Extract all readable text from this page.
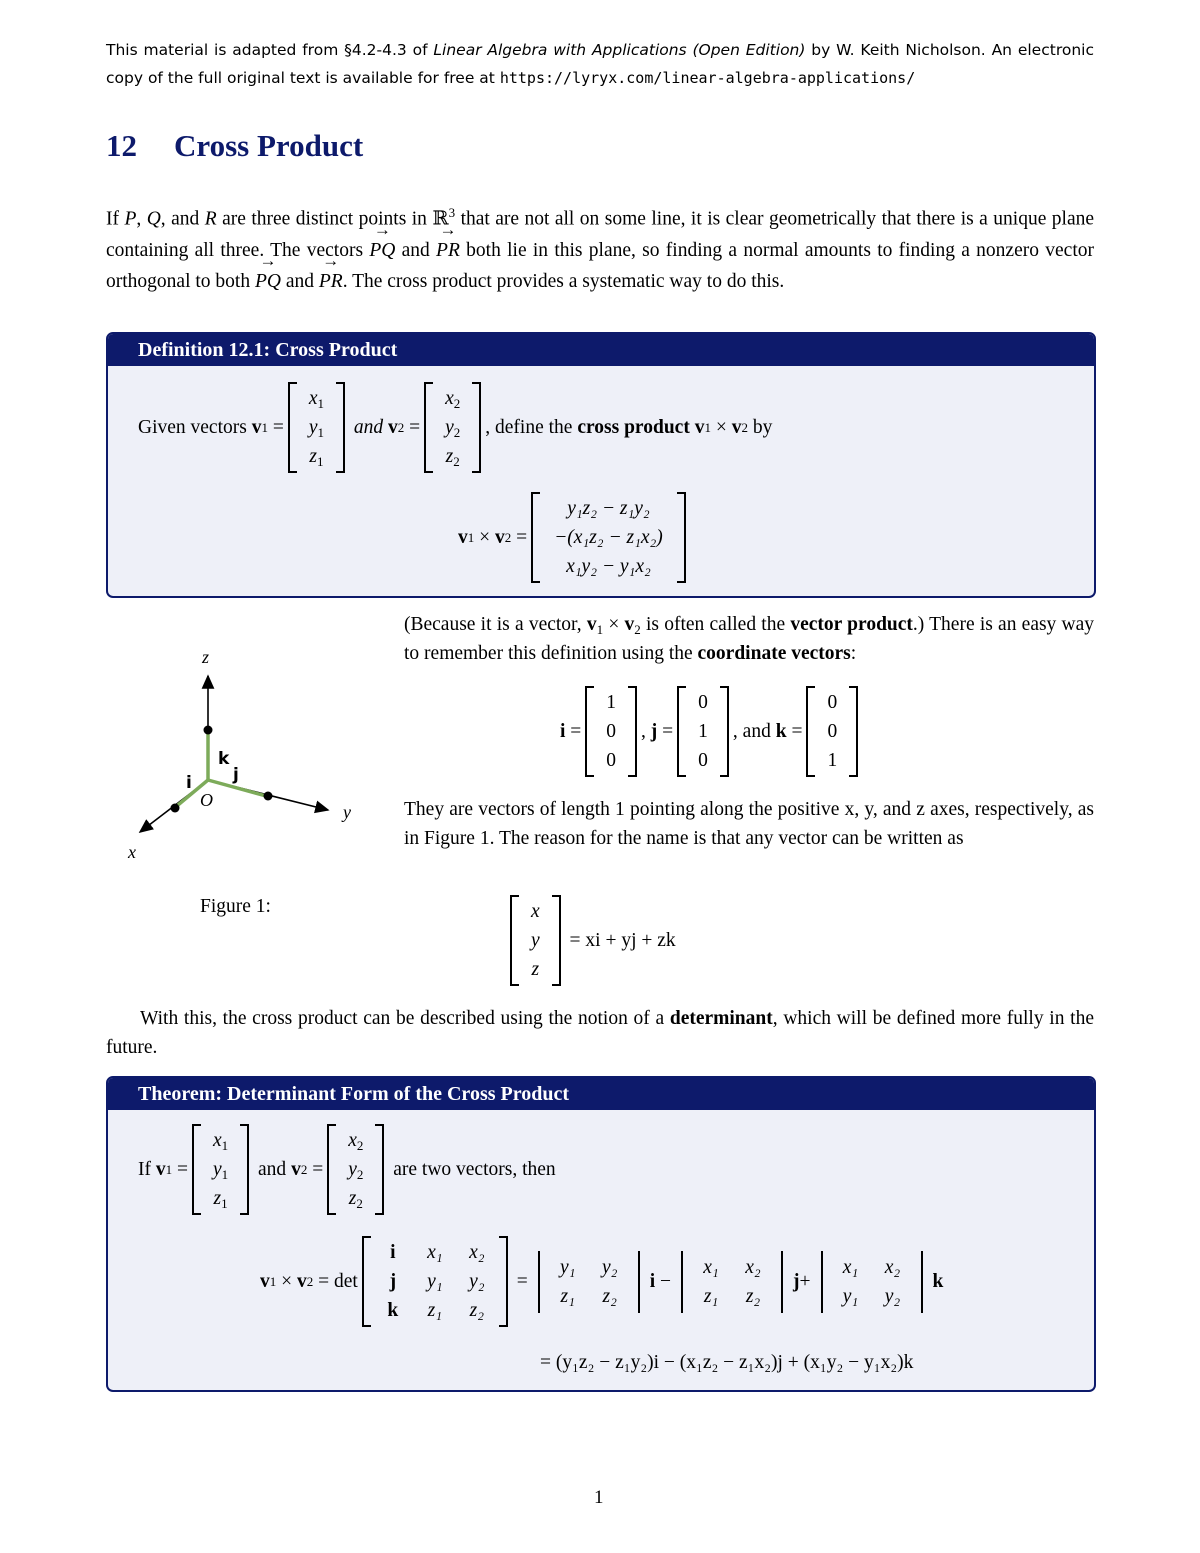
This material is adapted from §4.2-4.3 of Linear Algebra with Applications (Open Edition) by W. Keith Nicholson. An electronic copy of the full original text is available for free at https://lyryx.com/linear-algebra-applications/
12 Cross Product
If P, Q, and R are three distinct points in ℝ$^3$ that are not all on some line, it is clear geometrically that there is a unique plane containing all three. The vectors → PQ and → PR both lie in this plane, so finding a normal amounts to finding a nonzero vector orthogonal to both → PQ and → PR. The cross product provides a systematic way to do this.
Definition 12.1: Cross Product
Given vectors
v 1 =
$x_1$
$y_1$
$z_1$

and
v 2 =
$x_2$
$y_2$
$z_2$
, define the
cross product
v 1 × v 2
by
v 1 × v 2 =
y₁z₂ − z₁y₂
−(x₁z₂ − z₁x₂)
x₁y₂ − y₁x₂
z
y
x
O
k
j
i
Figure 1:
(Because it is a vector, $v_1 \times v_2$ is often called the vector product.) There is an easy way to remember this definition using the coordinate vectors:
i =
1
0
0
, j =
0
1
0
, and
k =
0
0
1
They are vectors of length 1 pointing along the positive x, y, and z axes, respectively, as in Figure 1. The reason for the name is that any vector can be written as
x
y
z

= xi + yj + zk
With this, the cross product can be described using the notion of a determinant, which will be defined more fully in the future.
Theorem: Determinant Form of the Cross Product
If
v 1 =
$x_1$
$y_1$
$z_1$

and
v 2 =
$x_2$
$y_2$
$z_2$

are two vectors, then
v 1 × v 2 = det
i	x₁ x₂
j	y₁ y₂
k z₁ z₂
=
y₁ y₂
z₁ z₂
i −
x₁ x₂
z₁ z₂
j +
x₁ x₂
y₁ y₂
k
= (y₁z₂ − z₁y₂)i − (x₁z₂ − z₁x₂)j + (x₁y₂ − y₁x₂)k
1
